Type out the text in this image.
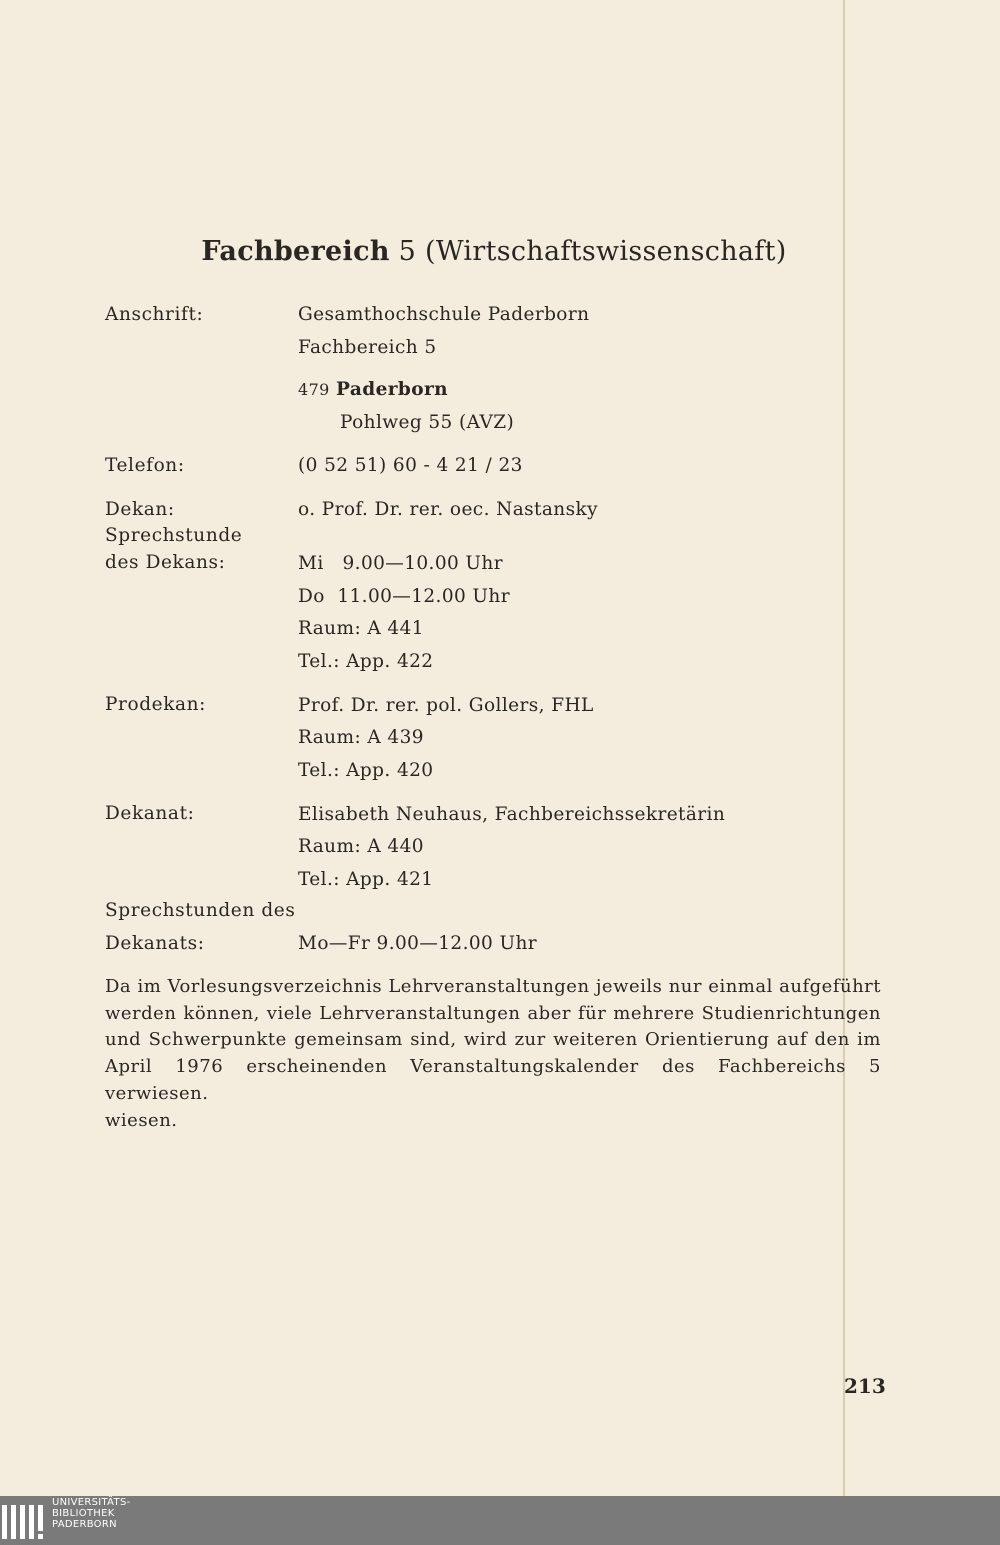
Fachbereich 5 (Wirtschaftswissenschaft)
Anschrift:	Gesamthochschule Paderborn
Fachbereich 5
479 Paderborn
Pohlweg 55 (AVZ)
Telefon:	(0 52 51) 60 - 4 21 / 23
Dekan:	o. Prof. Dr. rer. oec. Nastansky
Sprechstunde
des Dekans:	Mi   9.00—10.00 Uhr
Do  11.00—12.00 Uhr
Raum: A 441
Tel.: App. 422
Prodekan:	Prof. Dr. rer. pol. Gollers, FHL
Raum: A 439
Tel.: App. 420
Dekanat:	Elisabeth Neuhaus, Fachbereichssekretärin
Raum: A 440
Tel.: App. 421
Sprechstunden des
Dekanats:	Mo—Fr 9.00—12.00 Uhr
Da im Vorlesungsverzeichnis Lehrveranstaltungen jeweils nur einmal aufgeführt
werden können, viele Lehrveranstaltungen aber für mehrere Studienrichtungen
und Schwerpunkte gemeinsam sind, wird zur weiteren Orientierung auf den im
April 1976 erscheinenden Veranstaltungskalender des Fachbereichs 5 verwiesen.
wiesen.
213
UNIVERSITÄTS-
BIBLIOTHEK
PADERBORN
